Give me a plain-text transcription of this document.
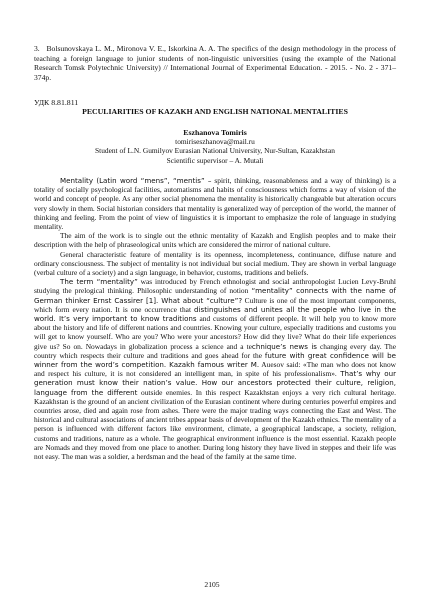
3.   Bolsunovskaya L. M., Mironova V. E., Iskorkina A. A. The specifics of the design methodology in the process of teaching a foreign language to junior students of non-linguistic universities (using the example of the National Research Tomsk Polytechnic University) // International Journal of Experimental Education. - 2015. - No. 2 - 371–374p.
УДК 8.81.811
PECULIARITIES OF KAZAKH AND ENGLISH NATIONAL MENTALITIES
Eszhanova Tomiris
tomiriseszhanova@mail.ru
Student of L.N. Gumilyov Eurasian National University, Nur-Sultan, Kazakhstan
Scientific supervisor – A. Mutali

Mentality (Latin word “mens”, “mentis” – spirit, thinking, reasonableness and a way of thinking) is a totality of socially psychological facilities, automatisms and habits of consciousness which forms a way of vision of the world and concept of people. As any other social phenomena the mentality is historically changeable but alteration occurs very slowly in them. Social historian considers that mentality is generalized way of perception of the world, the manner of thinking and feeling. From the point of view of linguistics it is important to emphasize the role of language in studying mentality.

The aim of the work is to single out the ethnic mentality of Kazakh and English peoples and to make their description with the help of phraseological units which are considered the mirror of national culture.

General characteristic feature of mentality is its openness, incompleteness, continuance, diffuse nature and ordinary consciousness. The subject of mentality is not individual but social medium. They are shown in verbal language (verbal culture of a society) and a sign language, in behavior, customs, traditions and beliefs.

The term “mentality” was introduced by French ethnologist and social anthropologist Lucien Levy-Bruhl studying the prelogical thinking. Philosophic understanding of notion “mentality” connects with the name of German thinker Ernst Cassirer [1]. What about “culture”? Culture is one of the most important components, which form every nation. It is one occurrence that distinguishes and unites all the people who live in the world. It’s very important to know traditions and customs of different people. It will help you to know more about the history and life of different nations and countries. Knowing your culture, especially traditions and customs you will get to know yourself. Who are you? Who were your ancestors? How did they live? What do their life experiences give us? So on. Nowadays in globalization process a science and a technique’s news is changing every day. The country which respects their culture and traditions and goes ahead for the future with great confidence will be winner from the word’s competition. Kazakh famous writer M. Auesov said: «The man who does not know and respect his culture, it is not considered an intelligent man, in spite of his professionalism». That’s why our generation must know their nation’s value. How our ancestors protected their culture, religion, language from the different outside enemies. In this respect Kazakhstan enjoys a very rich cultural heritage. Kazakhstan is the ground of an ancient civilization of the Eurasian continent where during centuries powerful empires and countries arose, died and again rose from ashes. There were the major trading ways connecting the East and West. The historical and cultural associations of ancient tribes appear basis of development of the Kazakh ethnics. The mentality of a person is influenced with different factors like environment, climate, a geographical landscape, a society, religion, customs and traditions, nature as a whole. The geographical environment influence is the most essential. Kazakh people are Nomads and they moved from one place to another. During long history they have lived in steppes and their life was not easy. The man was a soldier, a herdsman and the head of the family at the same time.

2105
